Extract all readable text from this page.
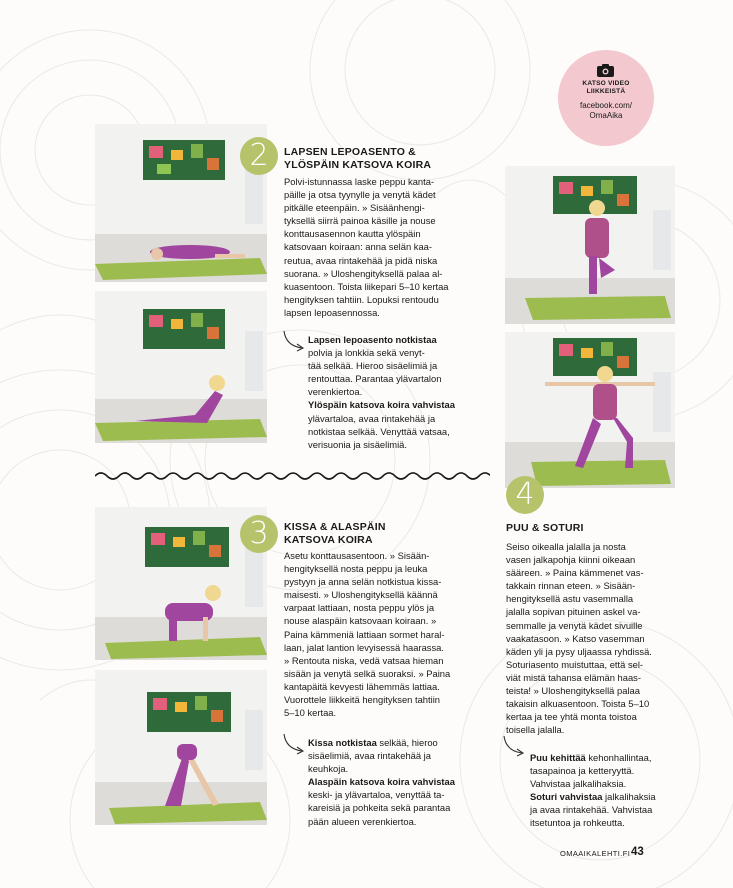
KATSO VIDEO
LIIKKEISTÄ
facebook.com/
OmaAika
2	LAPSEN LEPOASENTO &
YLÖSPÄIN KATSOVA KOIRA
Polvi-istunnassa laske peppu kanta-
päille ja otsa tyynylle ja venytä kädet
pitkälle eteenpäin. » Sisäänhengi-
tyksellä siirrä painoa käsille ja nouse
konttausasennon kautta ylöspäin
katsovaan koiraan: anna selän kaa-
reutua, avaa rintakehää ja pidä niska
suorana. » Uloshengityksellä palaa al-
kuasentoon. Toista liikepari 5–10 kertaa
hengityksen tahtiin. Lopuksi rentoudu
lapsen lepoasennossa.
Lapsen lepoasento notkistaa
polvia ja lonkkia sekä venyt-
tää selkää. Hieroo sisäelimiä ja
rentouttaa. Parantaa ylävartalon
verenkiertoa.
Ylöspäin katsova koira vahvistaa
ylävartaloa, avaa rintakehää ja
notkistaa selkää. Venyttää vatsaa,
verisuonia ja sisäelimiä.
3	KISSA & ALASPÄIN
KATSOVA KOIRA
Asetu konttausasentoon. » Sisään-
hengityksellä nosta peppu ja leuka
pystyyn ja anna selän notkistua kissa-
maisesti. » Uloshengityksellä käännä
varpaat lattiaan, nosta peppu ylös ja
nouse alaspäin katsovaan koiraan. »
Paina kämmeniä lattiaan sormet haral-
laan, jalat lantion levyisessä haarassa.
» Rentouta niska, vedä vatsaa hieman
sisään ja venytä selkä suoraksi. » Paina
kantapäitä kevyesti lähemmäs lattiaa.
Vuorottele liikkeitä hengityksen tahtiin
5–10 kertaa.
Kissa notkistaa selkää, hieroo
sisäelimiä, avaa rintakehää ja
keuhkoja.
Alaspäin katsova koira vahvistaa
keski- ja ylävartaloa, venyttää ta-
kareisiä ja pohkeita sekä parantaa
pään alueen verenkiertoa.
4
PUU & SOTURI
Seiso oikealla jalalla ja nosta
vasen jalkapohja kiinni oikeaan
sääreen. » Paina kämmenet vas-
takkain rinnan eteen. » Sisään-
hengityksellä astu vasemmalla
jalalla sopivan pituinen askel va-
semmalle ja venytä kädet sivuille
vaakatasoon. » Katso vasemman
käden yli ja pysy uljaassa ryhdissä.
Soturiasento muistuttaa, että sel-
viät mistä tahansa elämän haas-
teista! » Uloshengityksellä palaa
takaisin alkuasentoon. Toista 5–10
kertaa ja tee yhtä monta toistoa
toisella jalalla.
Puu kehittää kehonhallintaa,
tasapainoa ja ketteryyttä.
Vahvistaa jalkalihaksia.
Soturi vahvistaa jalkalihaksia
ja avaa rintakehää. Vahvistaa
itsetuntoa ja rohkeutta.
OMAAIKALEHTI.FI 43
